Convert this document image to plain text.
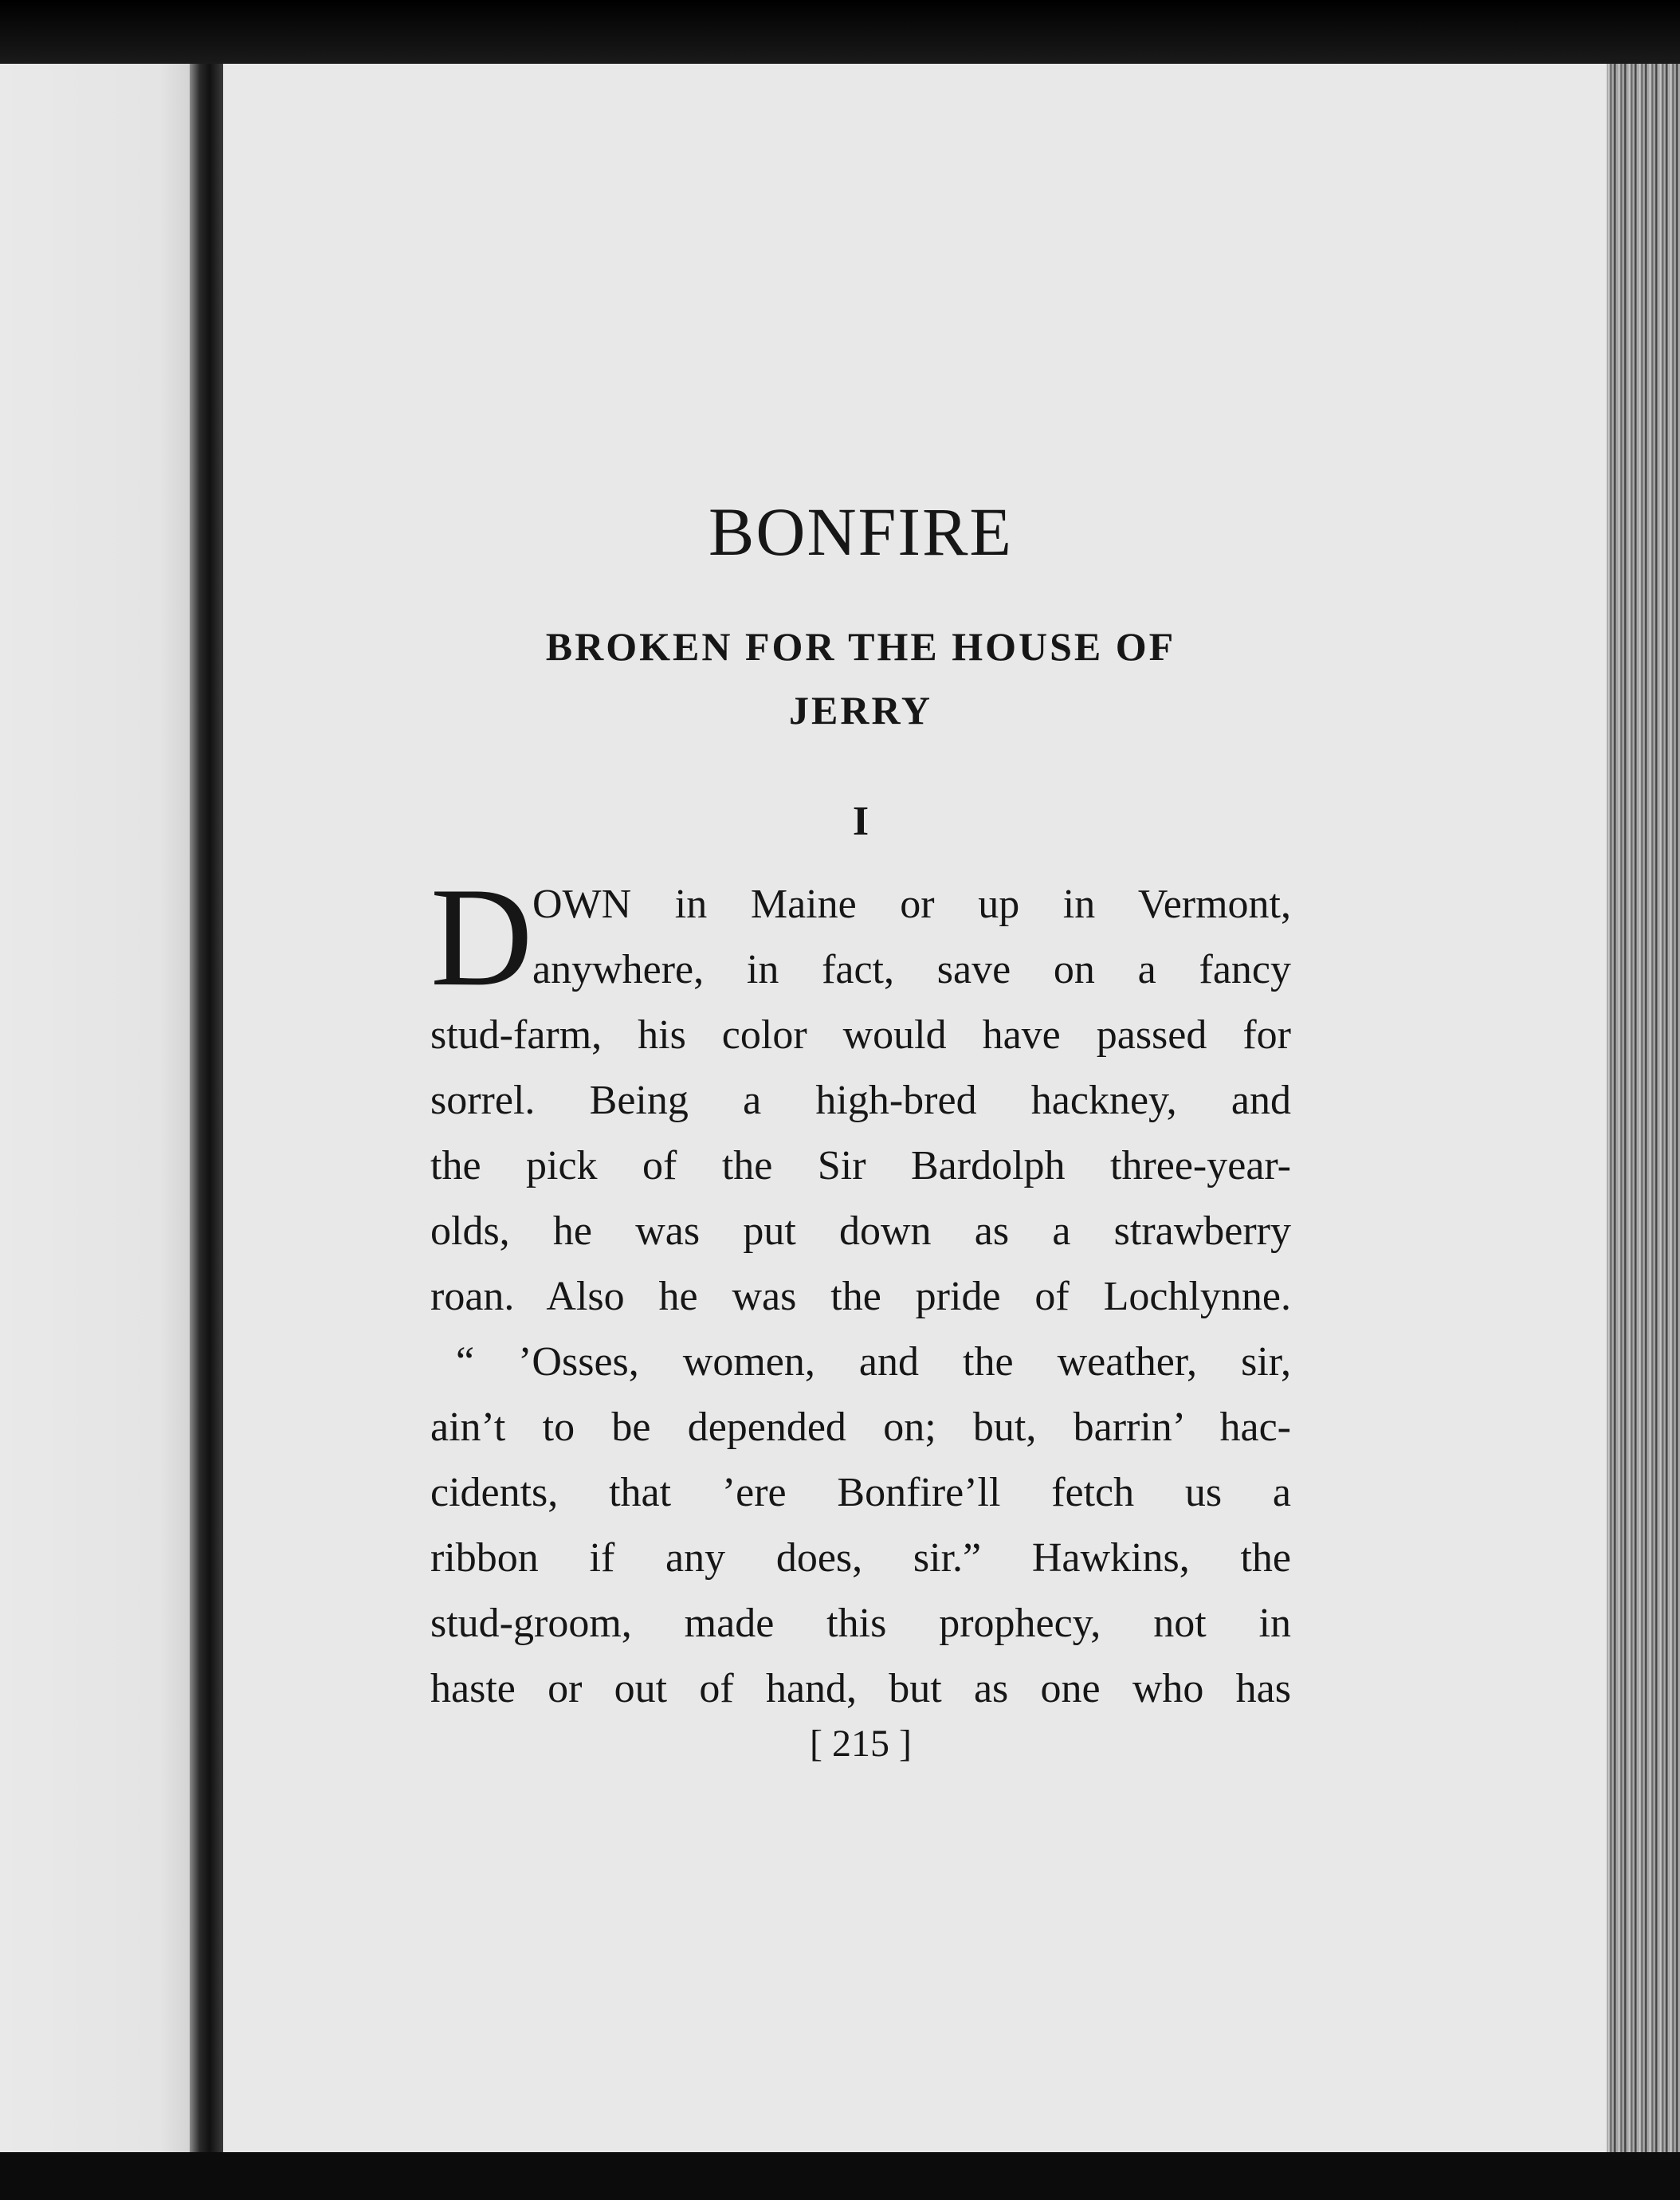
BONFIRE
BROKEN FOR THE HOUSE OF
JERRY
I
D OWN in Maine or up in Vermont,
anywhere, in fact, save on a fancy
stud-farm, his color would have passed for
sorrel. Being a high-bred hackney, and
the pick of the Sir Bardolph three-year-
olds, he was put down as a strawberry
roan. Also he was the pride of Lochlynne.
“ ’Osses, women, and the weather, sir,
ain’t to be depended on; but, barrin’ hac-
cidents, that ’ere Bonfire’ll fetch us a
ribbon if any does, sir.” Hawkins, the
stud-groom, made this prophecy, not in
haste or out of hand, but as one who has
[ 215 ]
